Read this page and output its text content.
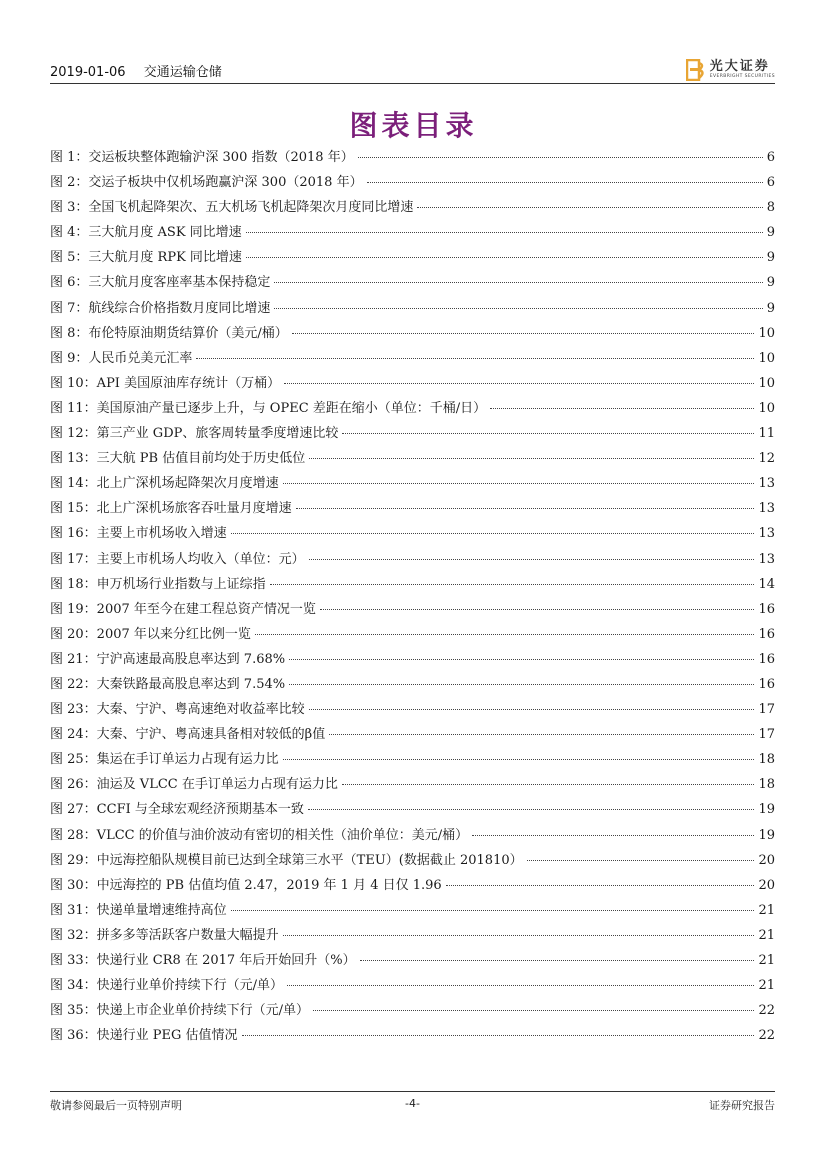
2019-01-06 交通运输仓储	光大证券
EVERBRIGHT SECURITIES
图表目录
图 1：交运板块整体跑输沪深 300 指数（2018 年）	6
图 2：交运子板块中仅机场跑赢沪深 300（2018 年）	6
图 3：全国飞机起降架次、五大机场飞机起降架次月度同比增速	8
图 4：三大航月度 ASK 同比增速	9
图 5：三大航月度 RPK 同比增速	9
图 6：三大航月度客座率基本保持稳定	9
图 7：航线综合价格指数月度同比增速	9
图 8：布伦特原油期货结算价（美元/桶）	10
图 9：人民币兑美元汇率	10
图 10：API 美国原油库存统计（万桶）	10
图 11：美国原油产量已逐步上升，与 OPEC 差距在缩小（单位：千桶/日）	10
图 12：第三产业 GDP、旅客周转量季度增速比较	11
图 13：三大航 PB 估值目前均处于历史低位	12
图 14：北上广深机场起降架次月度增速	13
图 15：北上广深机场旅客吞吐量月度增速	13
图 16：主要上市机场收入增速	13
图 17：主要上市机场人均收入（单位：元）	13
图 18：申万机场行业指数与上证综指	14
图 19：2007 年至今在建工程总资产情况一览	16
图 20：2007 年以来分红比例一览	16
图 21：宁沪高速最高股息率达到 7.68%	16
图 22：大秦铁路最高股息率达到 7.54%	16
图 23：大秦、宁沪、粤高速绝对收益率比较	17
图 24：大秦、宁沪、粤高速具备相对较低的β值	17
图 25：集运在手订单运力占现有运力比	18
图 26：油运及 VLCC 在手订单运力占现有运力比	18
图 27：CCFI 与全球宏观经济预期基本一致	19
图 28：VLCC 的价值与油价波动有密切的相关性（油价单位：美元/桶）	19
图 29：中远海控船队规模目前已达到全球第三水平（TEU）(数据截止 201810）	20
图 30：中远海控的 PB 估值均值 2.47，2019 年 1 月 4 日仅 1.96	20
图 31：快递单量增速维持高位	21
图 32：拼多多等活跃客户数量大幅提升	21
图 33：快递行业 CR8 在 2017 年后开始回升（%）	21
图 34：快递行业单价持续下行（元/单）	21
图 35：快递上市企业单价持续下行（元/单）	22
图 36：快递行业 PEG 估值情况	22
敬请参阅最后一页特别声明	-4-	证券研究报告
